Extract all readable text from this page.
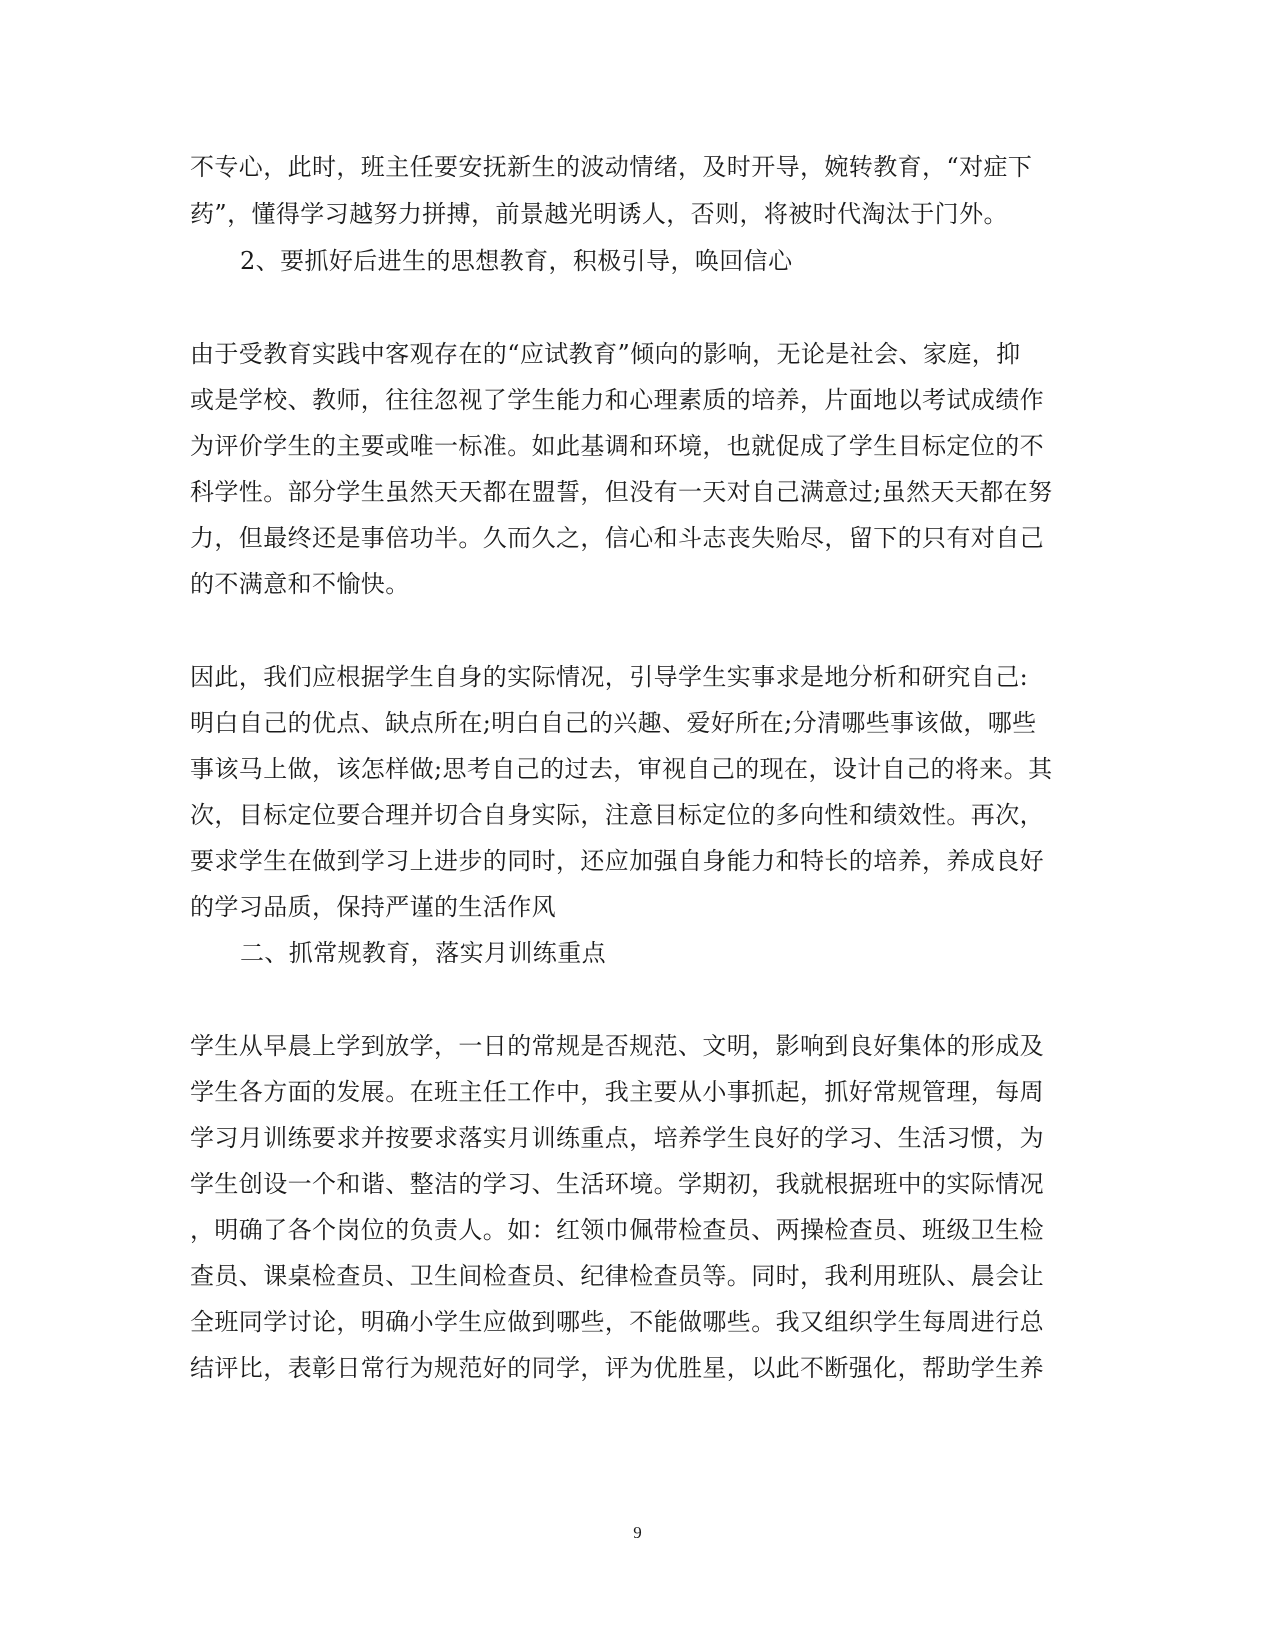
不专心，此时，班主任要安抚新生的波动情绪，及时开导，婉转教育，“对症下
药”，懂得学习越努力拼搏，前景越光明诱人，否则，将被时代淘汰于门外。
2、要抓好后进生的思想教育，积极引导，唤回信心
由于受教育实践中客观存在的“应试教育”倾向的影响，无论是社会、家庭，抑
或是学校、教师，往往忽视了学生能力和心理素质的培养，片面地以考试成绩作
为评价学生的主要或唯一标准。如此基调和环境，也就促成了学生目标定位的不
科学性。部分学生虽然天天都在盟誓，但没有一天对自己满意过;虽然天天都在努
力，但最终还是事倍功半。久而久之，信心和斗志丧失贻尽，留下的只有对自己
的不满意和不愉快。
因此，我们应根据学生自身的实际情况，引导学生实事求是地分析和研究自己:
明白自己的优点、缺点所在;明白自己的兴趣、爱好所在;分清哪些事该做，哪些
事该马上做，该怎样做;思考自己的过去，审视自己的现在，设计自己的将来。其
次，目标定位要合理并切合自身实际，注意目标定位的多向性和绩效性。再次，
要求学生在做到学习上进步的同时，还应加强自身能力和特长的培养，养成良好
的学习品质，保持严谨的生活作风
二、抓常规教育，落实月训练重点
学生从早晨上学到放学，一日的常规是否规范、文明，影响到良好集体的形成及
学生各方面的发展。在班主任工作中，我主要从小事抓起，抓好常规管理，每周
学习月训练要求并按要求落实月训练重点，培养学生良好的学习、生活习惯，为
学生创设一个和谐、整洁的学习、生活环境。学期初，我就根据班中的实际情况
，明确了各个岗位的负责人。如：红领巾佩带检查员、两操检查员、班级卫生检
查员、课桌检查员、卫生间检查员、纪律检查员等。同时，我利用班队、晨会让
全班同学讨论，明确小学生应做到哪些，不能做哪些。我又组织学生每周进行总
结评比，表彰日常行为规范好的同学，评为优胜星，以此不断强化，帮助学生养
9
